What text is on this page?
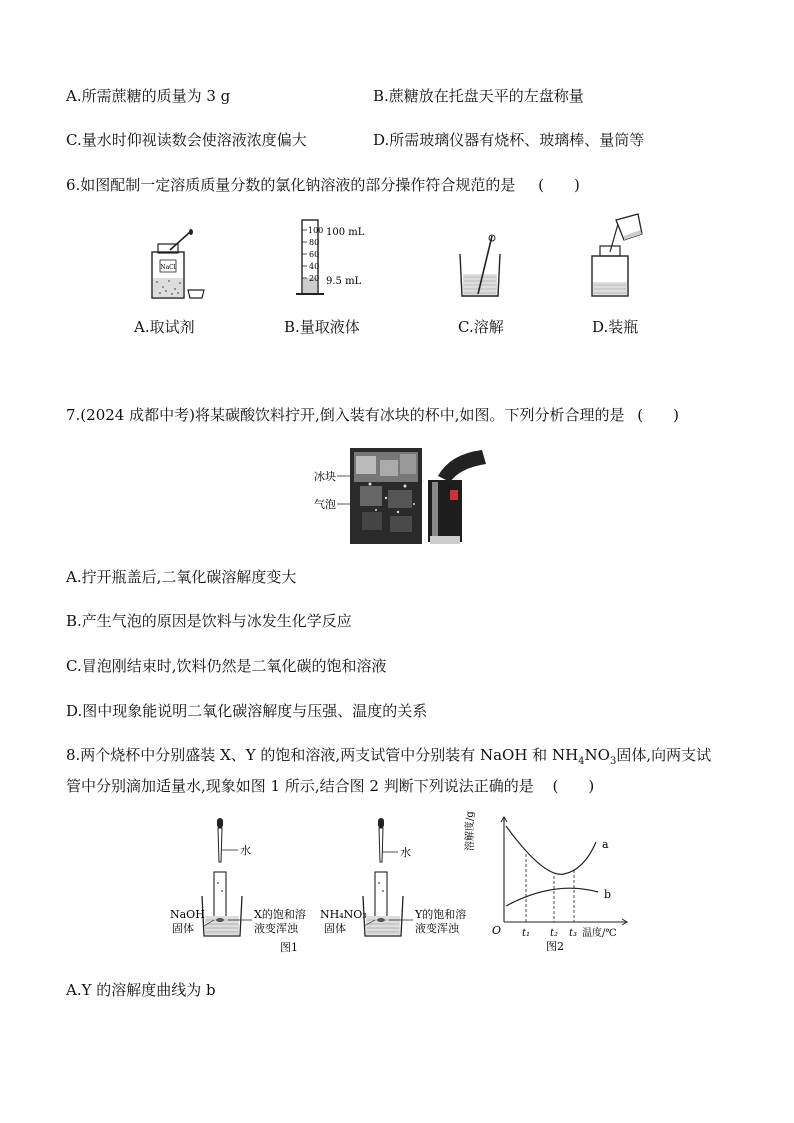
A.所需蔗糖的质量为 3 g	B.蔗糖放在托盘天平的左盘称量
C.量水时仰视读数会使溶液浓度偏大	D.所需玻璃仪器有烧杯、玻璃棒、量筒等
6.如图配制一定溶质质量分数的氯化钠溶液的部分操作符合规范的是 (　　)
NaCl
A.取试剂
100
80
60
40
20
100 mL
9.5 mL
B.量取液体	C.溶解	D.装瓶
7.(2024 成都中考)将某碳酸饮料拧开,倒入装有冰块的杯中,如图。下列分析合理的是 (　　)
冰块
气泡
A.拧开瓶盖后,二氧化碳溶解度变大
B.产生气泡的原因是饮料与冰发生化学反应
C.冒泡刚结束时,饮料仍然是二氧化碳的饱和溶液
D.图中现象能说明二氧化碳溶解度与压强、温度的关系
8.两个烧杯中分别盛装 X、Y 的饱和溶液,两支试管中分别装有 NaOH 和 $NH_4NO_3$固体,向两支试
管中分别滴加适量水,现象如图 1 所示,结合图 2 判断下列说法正确的是 (　　)
水
NaOH
固体
X的饱和溶
液变浑浊
水
NH₄NO₃
固体
Y的饱和溶
液变浑浊
图1
溶解度/g
O
a
b
t₁ t₂ t₃ 温度/℃
图2
A.Y 的溶解度曲线为 b
